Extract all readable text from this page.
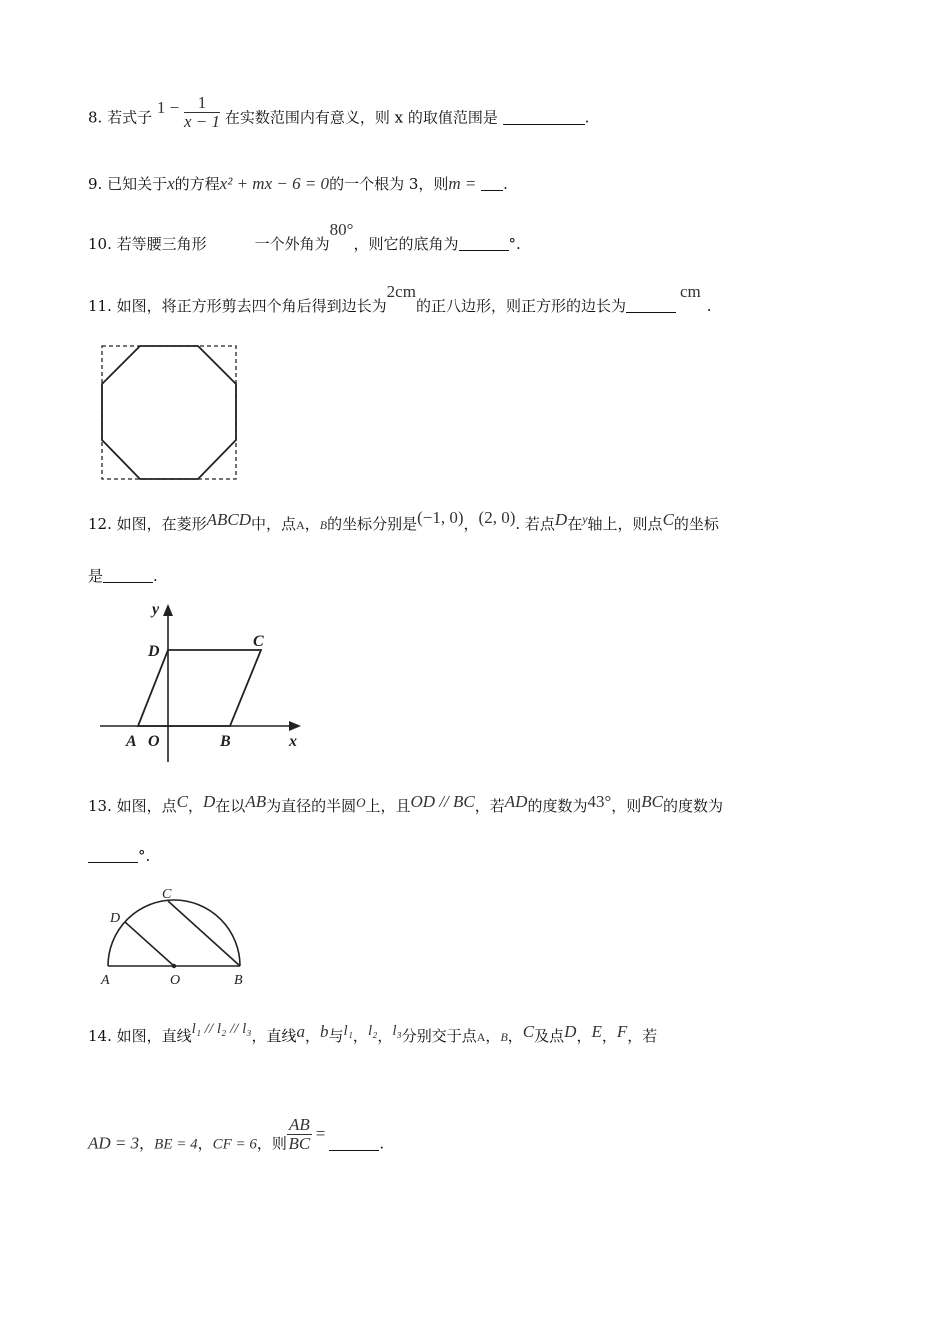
8. 若式子 $1 - \frac{1}{x - 1}$ 在实数范围内有意义，则 x 的取值范围是	.
9. 已知关于x的方程x² + mx − 6 = 0的一个根为 3，则m = .
10. 若等腰三角形	一个外角为80°，则它的底角为	°.
11. 如图，将正方形剪去四个角后得到边长为2cm的正八边形，则正方形的边长为cm.
12. 如图，在菱形ABCD中，点A，B的坐标分别是(−1, 0)，(2, 0). 若点D在$^y$轴上，则点C的坐标
是	.
y
x
A O	B
C
D
13. 如图，点C，D在以AB为直径的半圆O上，且OD // BC，若AD的度数为43°，则BC的度数为
°.
A	O	B
C
D
14. 如图，直线l₁ // l₂ // l₃，直线a，b与l₁，l₂，l₃分别交于点A，B，C及点D，E，F，若
AD = 3，BE = 4，CF = 6，则 $\frac{AB}{BC}$ =.
